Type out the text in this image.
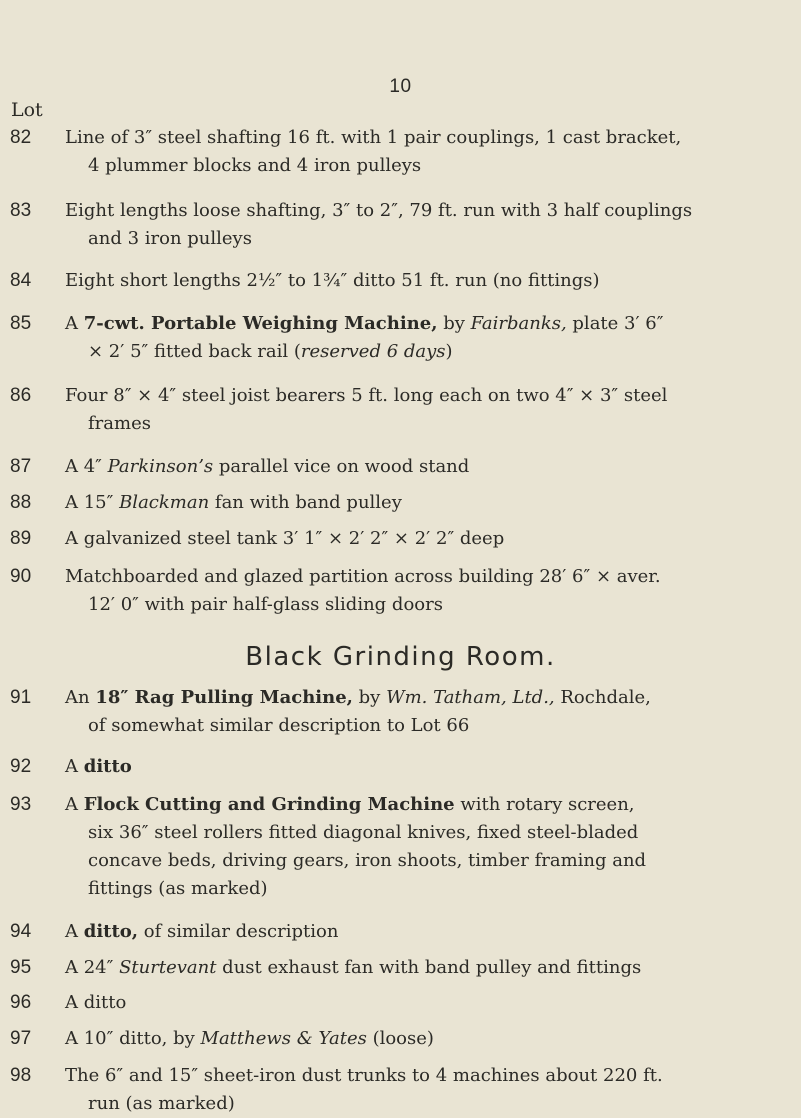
10
Lot
82	Line of 3″ steel shafting 16 ft. with 1 pair couplings, 1 cast bracket,
4 plummer blocks and 4 iron pulleys
83	Eight lengths loose shafting, 3″ to 2″, 79 ft. run with 3 half couplings
and 3 iron pulleys
84	Eight short lengths 2½″ to 1¾″ ditto 51 ft. run (no fittings)
85	A 7-cwt. Portable Weighing Machine, by Fairbanks, plate 3′ 6″
× 2′ 5″ fitted back rail (reserved 6 days)
86	Four 8″ × 4″ steel joist bearers 5 ft. long each on two 4″ × 3″ steel
frames
87	A 4″ Parkinson’s parallel vice on wood stand
88	A 15″ Blackman fan with band pulley
89	A galvanized steel tank 3′ 1″ × 2′ 2″ × 2′ 2″ deep
90	Matchboarded and glazed partition across building 28′ 6″ × aver.
12′ 0″ with pair half-glass sliding doors
Black Grinding Room.
91	An 18″ Rag Pulling Machine, by Wm. Tatham, Ltd., Rochdale,
of somewhat similar description to Lot 66
92	A ditto
93	A Flock Cutting and Grinding Machine with rotary screen,
six 36″ steel rollers fitted diagonal knives, fixed steel-bladed
concave beds, driving gears, iron shoots, timber framing and
fittings (as marked)
94	A ditto, of similar description
95	A 24″ Sturtevant dust exhaust fan with band pulley and fittings
96	A ditto
97	A 10″ ditto, by Matthews & Yates (loose)
98	The 6″ and 15″ sheet-iron dust trunks to 4 machines about 220 ft.
run (as marked)
